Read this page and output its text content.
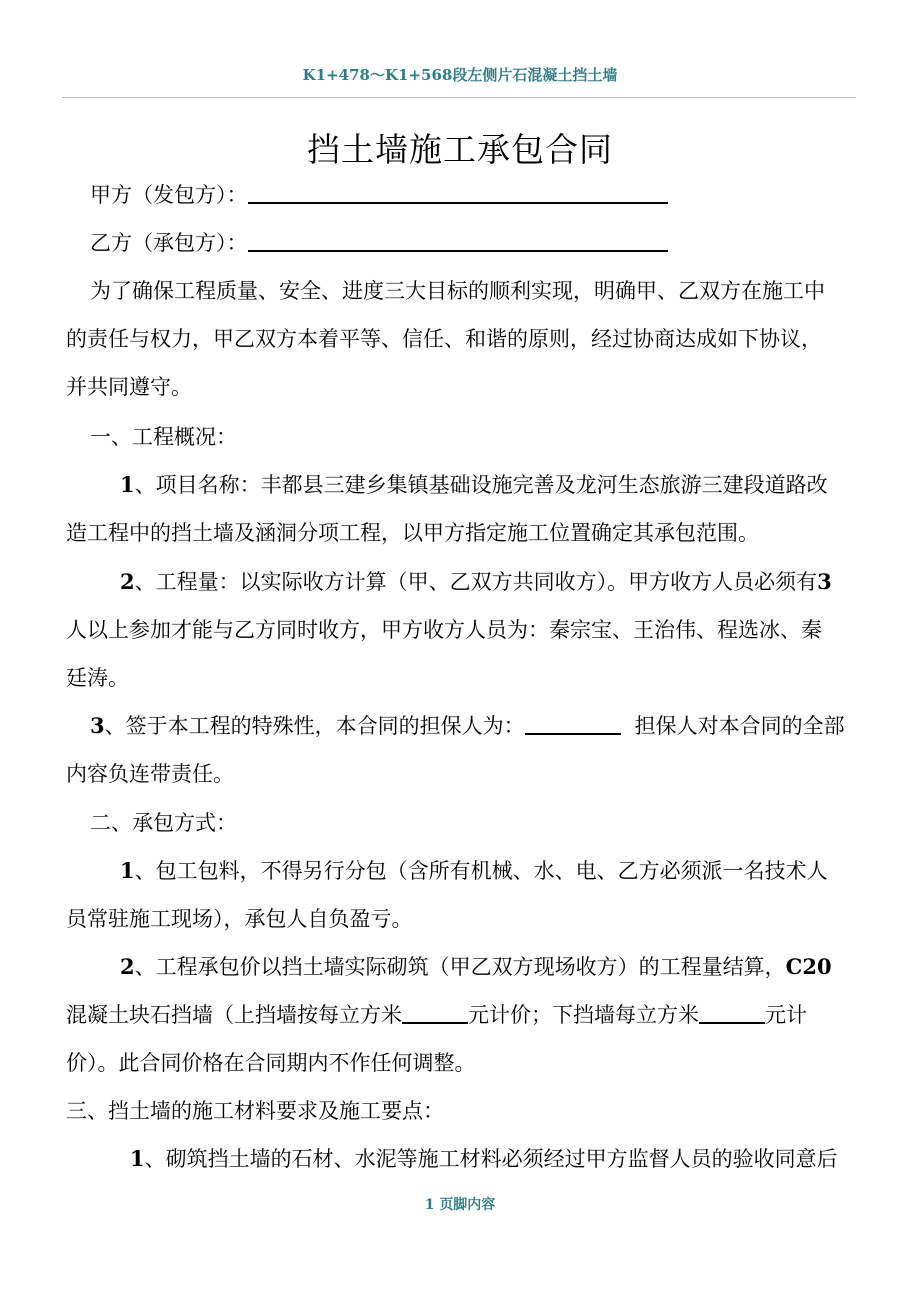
K1+478～K1+568段左侧片石混凝土挡土墙
挡土墙施工承包合同
甲方（发包方）：
乙方（承包方）：
为了确保工程质量、安全、进度三大目标的顺利实现，明确甲、乙双方在施工中
的责任与权力，甲乙双方本着平等、信任、和谐的原则，经过协商达成如下协议，
并共同遵守。
一、工程概况：
1、项目名称：丰都县三建乡集镇基础设施完善及龙河生态旅游三建段道路改
造工程中的挡土墙及涵洞分项工程，以甲方指定施工位置确定其承包范围。
2、工程量：以实际收方计算（甲、乙双方共同收方）。甲方收方人员必须有3
人以上参加才能与乙方同时收方，甲方收方人员为：秦宗宝、王治伟、程选冰、秦
廷涛。
3、签于本工程的特殊性，本合同的担保人为：	担保人对本合同的全部
内容负连带责任。
二、承包方式：
1、包工包料，不得另行分包（含所有机械、水、电、乙方必须派一名技术人
员常驻施工现场），承包人自负盈亏。
2、工程承包价以挡土墙实际砌筑（甲乙双方现场收方）的工程量结算，C20
混凝土块石挡墙（上挡墙按每立方米	元计价；下挡墙每立方米	元计
价）。此合同价格在合同期内不作任何调整。
三、挡土墙的施工材料要求及施工要点：
1、砌筑挡土墙的石材、水泥等施工材料必须经过甲方监督人员的验收同意后
1 页脚内容
